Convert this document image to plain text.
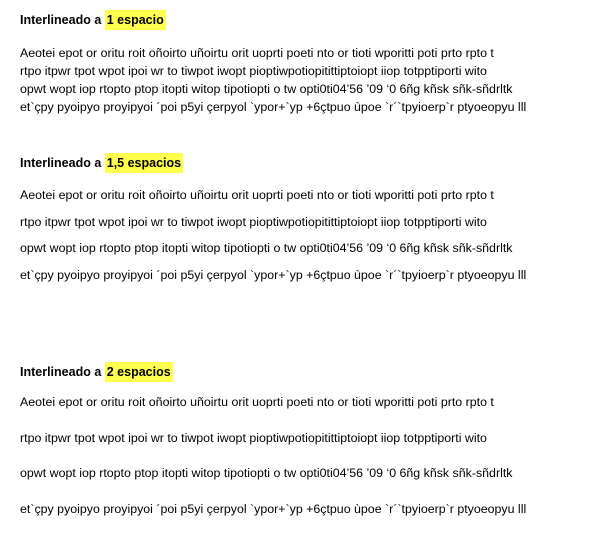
Interlineado a 1 espacio
Aeotei epot or oritu roit oñoirto uñoirtu orit uoprti poeti nto or tioti wporitti poti prto rpto t
rtpo itpwr tpot wpot ipoi wr to tiwpot iwopt pioptiwpotiopitittiptoiopt iiop totpptiporti wito
opwt wopt iop rtopto ptop itopti witop tipotiopti o tw opti0ti04’56 ’09 ‘0 6ñg kñsk sñk-sñdrltk
et`çpy pyoipyo proyipyoi ´poi p5yi çerpyol `ypor+`yp +6çtpuo ùpoe `r´`tpyioerp`r ptyoeopyu lll
Interlineado a 1,5 espacios
Aeotei epot or oritu roit oñoirto uñoirtu orit uoprti poeti nto or tioti wporitti poti prto rpto t
rtpo itpwr tpot wpot ipoi wr to tiwpot iwopt pioptiwpotiopitittiptoiopt iiop totpptiporti wito
opwt wopt iop rtopto ptop itopti witop tipotiopti o tw opti0ti04’56 ’09 ‘0 6ñg kñsk sñk-sñdrltk
et`çpy pyoipyo proyipyoi ´poi p5yi çerpyol `ypor+`yp +6çtpuo ùpoe `r´`tpyioerp`r ptyoeopyu lll
Interlineado a 2 espacios
Aeotei epot or oritu roit oñoirto uñoirtu orit uoprti poeti nto or tioti wporitti poti prto rpto t
rtpo itpwr tpot wpot ipoi wr to tiwpot iwopt pioptiwpotiopitittiptoiopt iiop totpptiporti wito
opwt wopt iop rtopto ptop itopti witop tipotiopti o tw opti0ti04’56 ’09 ‘0 6ñg kñsk sñk-sñdrltk
et`çpy pyoipyo proyipyoi ´poi p5yi çerpyol `ypor+`yp +6çtpuo ùpoe `r´`tpyioerp`r ptyoeopyu lll
